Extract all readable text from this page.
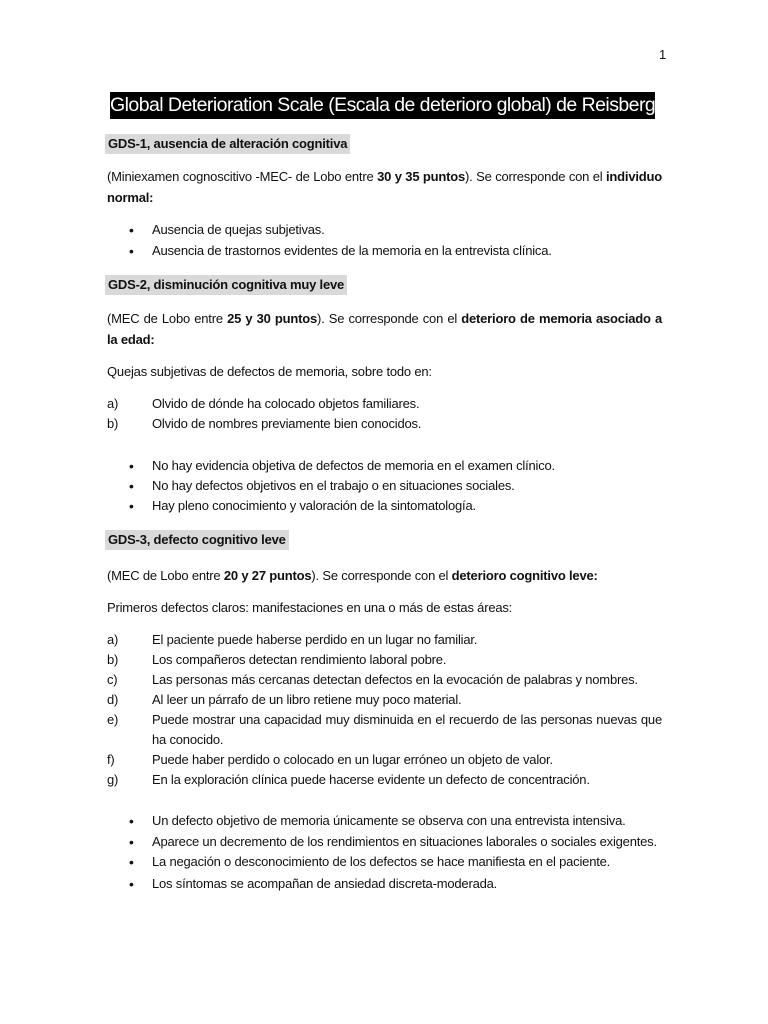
1
Global Deterioration Scale (Escala de deterioro global) de Reisberg
GDS-1, ausencia de alteración cognitiva

(Miniexamen cognoscitivo -MEC- de Lobo entre 30 y 35 puntos). Se corresponde con el individuo normal:

• Ausencia de quejas subjetivas.
• Ausencia de trastornos evidentes de la memoria en la entrevista clínica.
GDS-2, disminución cognitiva muy leve

(MEC de Lobo entre 25 y 30 puntos). Se corresponde con el deterioro de memoria asociado a la edad:

Quejas subjetivas de defectos de memoria, sobre todo en:
a)	Olvido de dónde ha colocado objetos familiares.
b)	Olvido de nombres previamente bien conocidos.
• No hay evidencia objetiva de defectos de memoria en el examen clínico.
• No hay defectos objetivos en el trabajo o en situaciones sociales.
• Hay pleno conocimiento y valoración de la sintomatología.
GDS-3, defecto cognitivo leve
(MEC de Lobo entre 20 y 27 puntos). Se corresponde con el deterioro cognitivo leve:
Primeros defectos claros: manifestaciones en una o más de estas áreas:
a)	El paciente puede haberse perdido en un lugar no familiar.
b)	Los compañeros detectan rendimiento laboral pobre.
c)	Las personas más cercanas detectan defectos en la evocación de palabras y nombres.
d)	Al leer un párrafo de un libro retiene muy poco material.
e)	Puede mostrar una capacidad muy disminuida en el recuerdo de las personas nuevas que ha conocido.
f)	Puede haber perdido o colocado en un lugar erróneo un objeto de valor.
g)	En la exploración clínica puede hacerse evidente un defecto de concentración.
• Un defecto objetivo de memoria únicamente se observa con una entrevista intensiva.
• Aparece un decremento de los rendimientos en situaciones laborales o sociales exigentes.
• La negación o desconocimiento de los defectos se hace manifiesta en el paciente.
• Los síntomas se acompañan de ansiedad discreta-moderada.
